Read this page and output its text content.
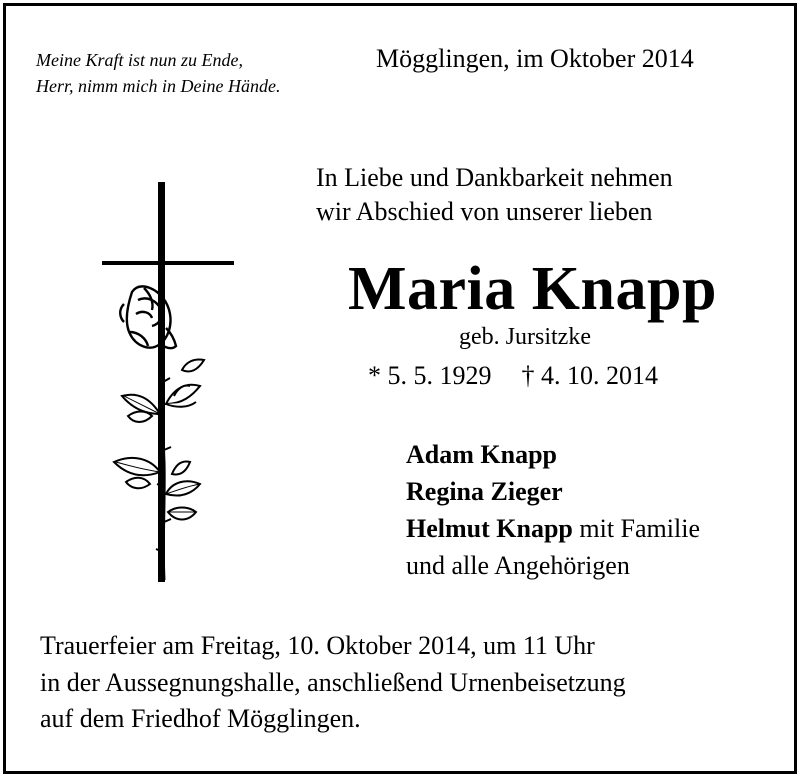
Meine Kraft ist nun zu Ende,
Herr, nimm mich in Deine Hände.
Mögglingen, im Oktober 2014
In Liebe und Dankbarkeit nehmen
wir Abschied von unserer lieben
Maria Knapp
geb. Jursitzke
* 5. 5. 1929 † 4. 10. 2014
Adam Knapp
Regina Zieger
Helmut Knapp mit Familie
und alle Angehörigen
Trauerfeier am Freitag, 10. Oktober 2014, um 11 Uhr
in der Aussegnungshalle, anschließend Urnenbeisetzung
auf dem Friedhof Mögglingen.
